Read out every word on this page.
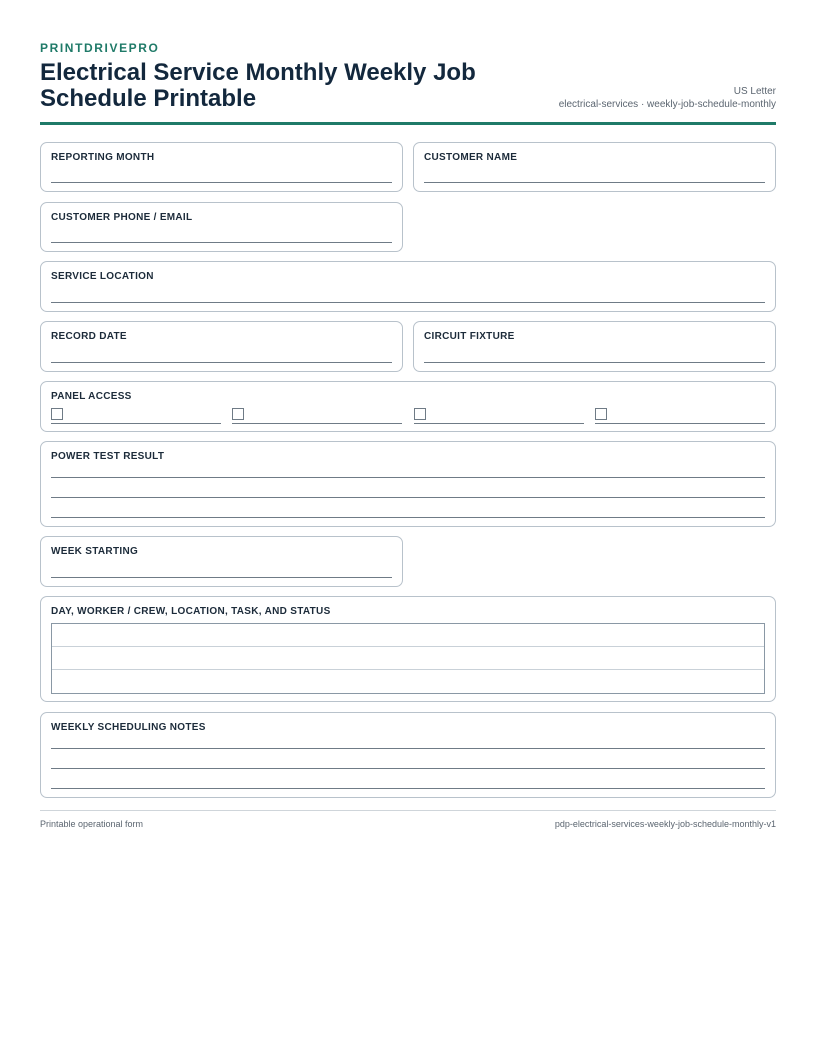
PRINTDRIVEPRO
Electrical Service Monthly Weekly Job Schedule Printable	US Letter
electrical-services · weekly-job-schedule-monthly
REPORTING MONTH	CUSTOMER NAME
CUSTOMER PHONE / EMAIL
SERVICE LOCATION
RECORD DATE	CIRCUIT FIXTURE
PANEL ACCESS
POWER TEST RESULT
WEEK STARTING
DAY, WORKER / CREW, LOCATION, TASK, AND STATUS
WEEKLY SCHEDULING NOTES
Printable operational form	pdp-electrical-services-weekly-job-schedule-monthly-v1
